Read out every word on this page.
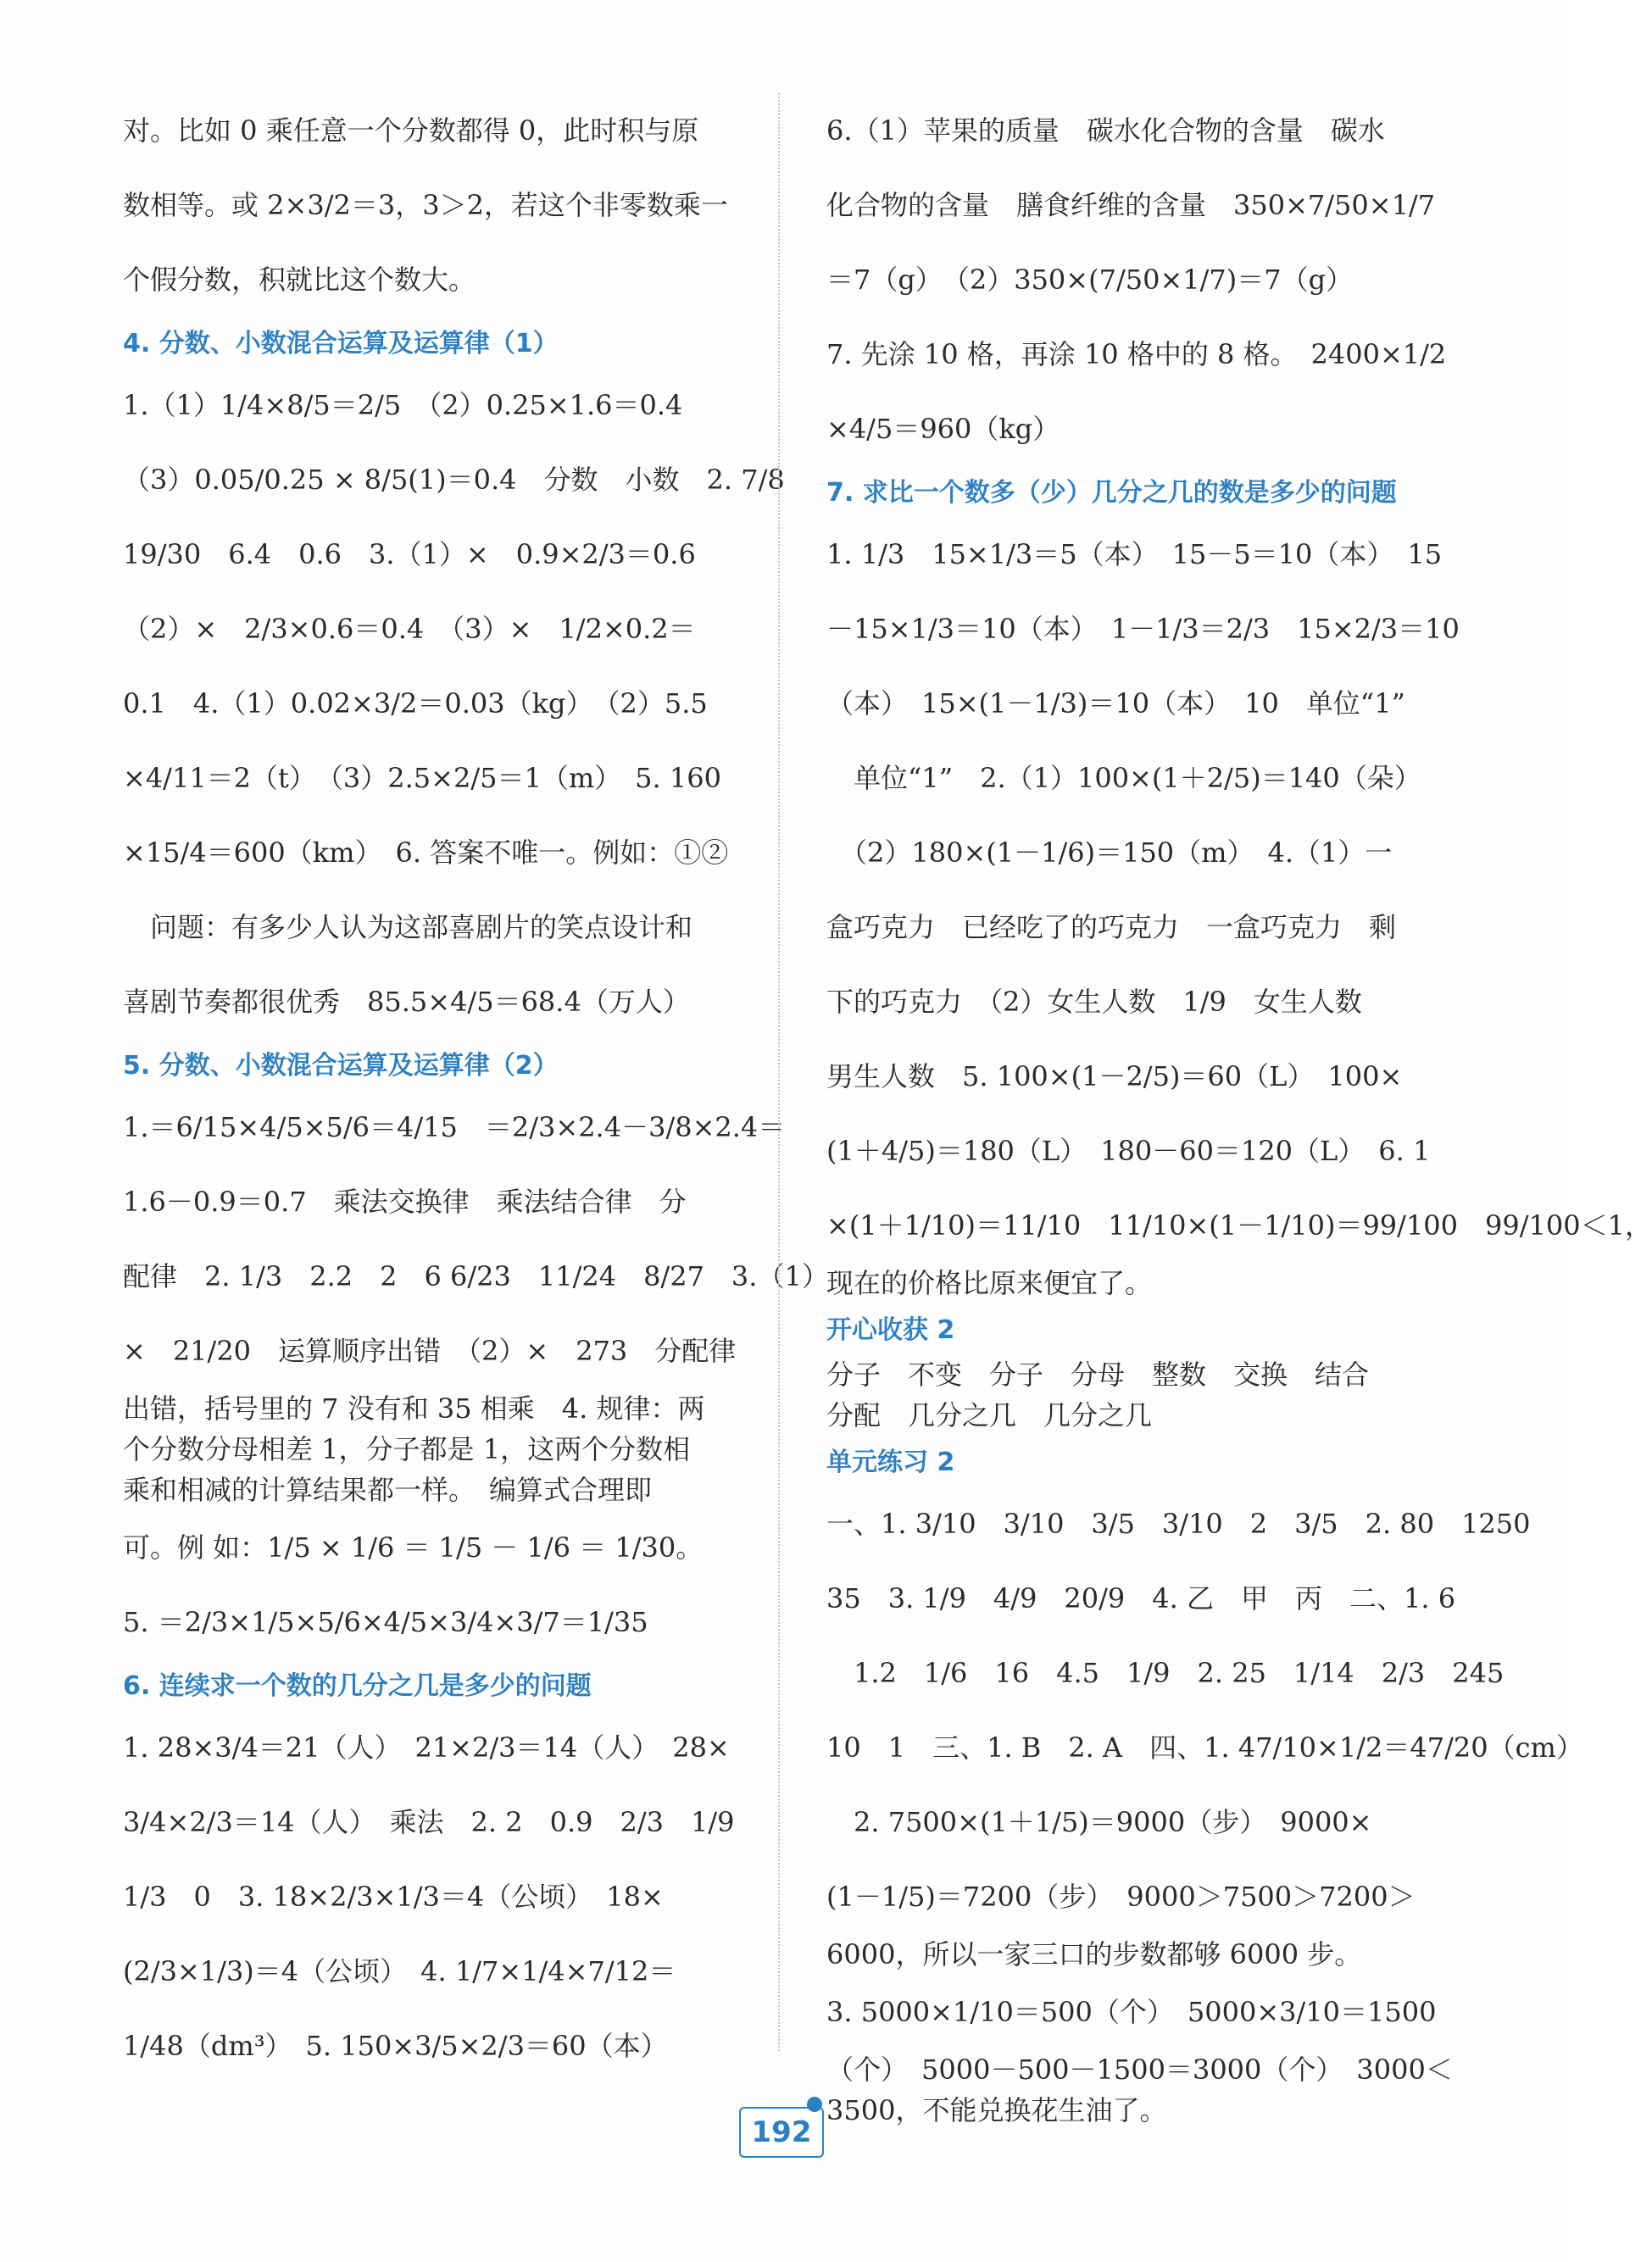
对。比如 0 乘任意一个分数都得 0，此时积与原
数相等。或 2×3/2＝3，3＞2，若这个非零数乘一
个假分数，积就比这个数大。
4. 分数、小数混合运算及运算律（1）
1.（1）1/4×8/5＝2/5　（2）0.25×1.6＝0.4
（3）0.05/0.25 × 8/5(1)＝0.4　分数　小数　2. 7/8
19/30　6.4　0.6　3.（1）×　0.9×2/3＝0.6
（2）×　2/3×0.6＝0.4　（3）×　1/2×0.2＝
0.1　4.（1）0.02×3/2＝0.03（kg）　（2）5.5
×4/11＝2（t）　（3）2.5×2/5＝1（m）　5. 160
×15/4＝600（km）　6. 答案不唯一。例如：①②
　问题：有多少人认为这部喜剧片的笑点设计和
喜剧节奏都很优秀　85.5×4/5＝68.4（万人）
5. 分数、小数混合运算及运算律（2）
1.＝6/15×4/5×5/6＝4/15　＝2/3×2.4－3/8×2.4＝
1.6－0.9＝0.7　乘法交换律　乘法结合律　分
配律　2. 1/3　2.2　2　6 6/23　11/24　8/27　3.（1）
×　21/20　运算顺序出错　（2）×　273　分配律
出错，括号里的 7 没有和 35 相乘　4. 规律：两
个分数分母相差 1，分子都是 1，这两个分数相
乘和相减的计算结果都一样。　编算式合理即
可。例 如：1/5 × 1/6 ＝ 1/5 － 1/6 ＝ 1/30。
5. ＝2/3×1/5×5/6×4/5×3/4×3/7＝1/35
6. 连续求一个数的几分之几是多少的问题
1. 28×3/4＝21（人）　21×2/3＝14（人）　28×
3/4×2/3＝14（人）　乘法　2. 2　0.9　2/3　1/9
1/3　0　3. 18×2/3×1/3＝4（公顷）　18×
(2/3×1/3)＝4（公顷）　4. 1/7×1/4×7/12＝
1/48（dm³）　5. 150×3/5×2/3＝60（本）
6.（1）苹果的质量　碳水化合物的含量　碳水
化合物的含量　膳食纤维的含量　350×7/50×1/7
＝7（g）　（2）350×(7/50×1/7)＝7（g）
7. 先涂 10 格，再涂 10 格中的 8 格。　2400×1/2
×4/5＝960（kg）
7. 求比一个数多（少）几分之几的数是多少的问题
1. 1/3　15×1/3＝5（本）　15－5＝10（本）　15
－15×1/3＝10（本）　1－1/3＝2/3　15×2/3＝10
（本）　15×(1－1/3)＝10（本）　10　单位“1”
　单位“1”　2.（1）100×(1＋2/5)＝140（朵）
　（2）180×(1－1/6)＝150（m）　4.（1）一
盒巧克力　已经吃了的巧克力　一盒巧克力　剩
下的巧克力　（2）女生人数　1/9　女生人数
男生人数　5. 100×(1－2/5)＝60（L）　100×
(1＋4/5)＝180（L）　180－60＝120（L）　6. 1
×(1＋1/10)＝11/10　11/10×(1－1/10)＝99/100　99/100＜1，
现在的价格比原来便宜了。
开心收获 2
分子　不变　分子　分母　整数　交换　结合
分配　几分之几　几分之几
单元练习 2
一、1. 3/10　3/10　3/5　3/10　2　3/5　2. 80　1250
35　3. 1/9　4/9　20/9　4. 乙　甲　丙　二、1. 6
　1.2　1/6　16　4.5　1/9　2. 25　1/14　2/3　245
10　1　三、1. B　2. A　四、1. 47/10×1/2＝47/20（cm）
　2. 7500×(1＋1/5)＝9000（步）　9000×
(1－1/5)＝7200（步）　9000＞7500＞7200＞
6000，所以一家三口的步数都够 6000 步。
3. 5000×1/10＝500（个）　5000×3/10＝1500
（个）　5000－500－1500＝3000（个）　3000＜
3500，不能兑换花生油了。
192
